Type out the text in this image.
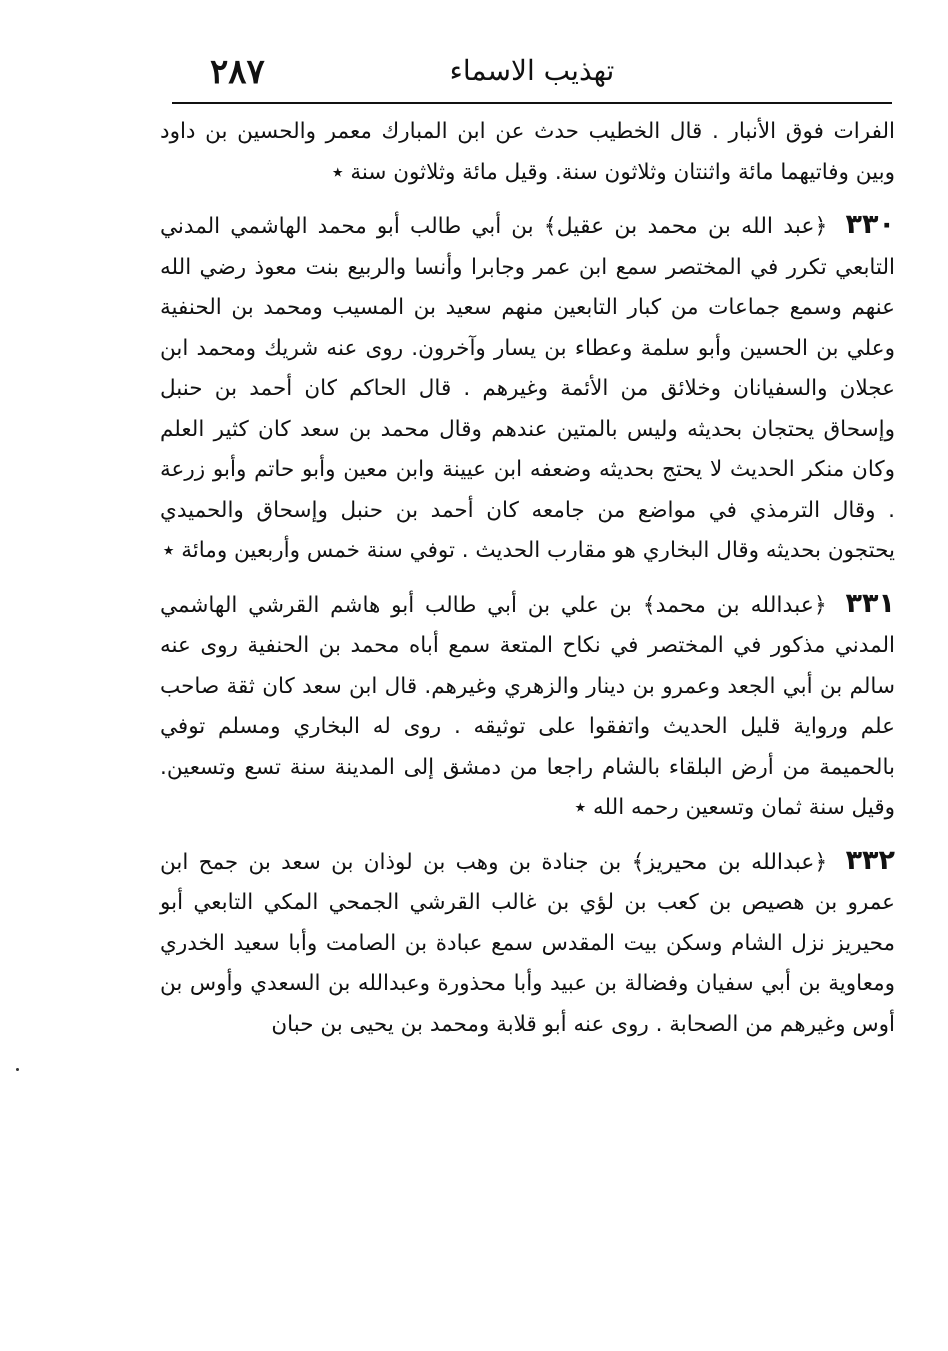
٢٨٧	تهذيب الاسماء

الفرات فوق الأنبار . قال الخطيب حدث عن ابن المبارك معمر والحسين بن داود وبين وفاتيهما مائة واثنتان وثلاثون سنة. وقيل مائة وثلاثون سنة ٭

٣٣٠ ﴿عبد الله بن محمد بن عقيل﴾ بن أبي طالب أبو محمد الهاشمي المدني التابعي تكرر في المختصر سمع ابن عمر وجابرا وأنسا والربيع بنت معوذ رضي الله عنهم وسمع جماعات من كبار التابعين منهم سعيد بن المسيب ومحمد بن الحنفية وعلي بن الحسين وأبو سلمة وعطاء بن يسار وآخرون. روى عنه شريك ومحمد ابن عجلان والسفيانان وخلائق من الأئمة وغيرهم . قال الحاكم كان أحمد بن حنبل وإسحاق يحتجان بحديثه وليس بالمتين عندهم وقال محمد بن سعد كان كثير العلم وكان منكر الحديث لا يحتج بحديثه وضعفه ابن عيينة وابن معين وأبو حاتم وأبو زرعة . وقال الترمذي في مواضع من جامعه كان أحمد بن حنبل وإسحاق والحميدي يحتجون بحديثه وقال البخاري هو مقارب الحديث . توفي سنة خمس وأربعين ومائة ٭

٣٣١ ﴿عبدالله بن محمد﴾ بن علي بن أبي طالب أبو هاشم القرشي الهاشمي المدني مذكور في المختصر في نكاح المتعة سمع أباه محمد بن الحنفية روى عنه سالم بن أبي الجعد وعمرو بن دينار والزهري وغيرهم. قال ابن سعد كان ثقة صاحب علم ورواية قليل الحديث واتفقوا على توثيقه . روى له البخاري ومسلم توفي بالحميمة من أرض البلقاء بالشام راجعا من دمشق إلى المدينة سنة تسع وتسعين. وقيل سنة ثمان وتسعين رحمه الله ٭

٣٣٢ ﴿عبدالله بن محيريز﴾ بن جنادة بن وهب بن لوذان بن سعد بن جمح ابن عمرو بن هصيص بن كعب بن لؤي بن غالب القرشي الجمحي المكي التابعي أبو محيريز نزل الشام وسكن بيت المقدس سمع عبادة بن الصامت وأبا سعيد الخدري ومعاوية بن أبي سفيان وفضالة بن عبيد وأبا محذورة وعبدالله بن السعدي وأوس بن أوس وغيرهم من الصحابة . روى عنه أبو قلابة ومحمد بن يحيى بن حبان
